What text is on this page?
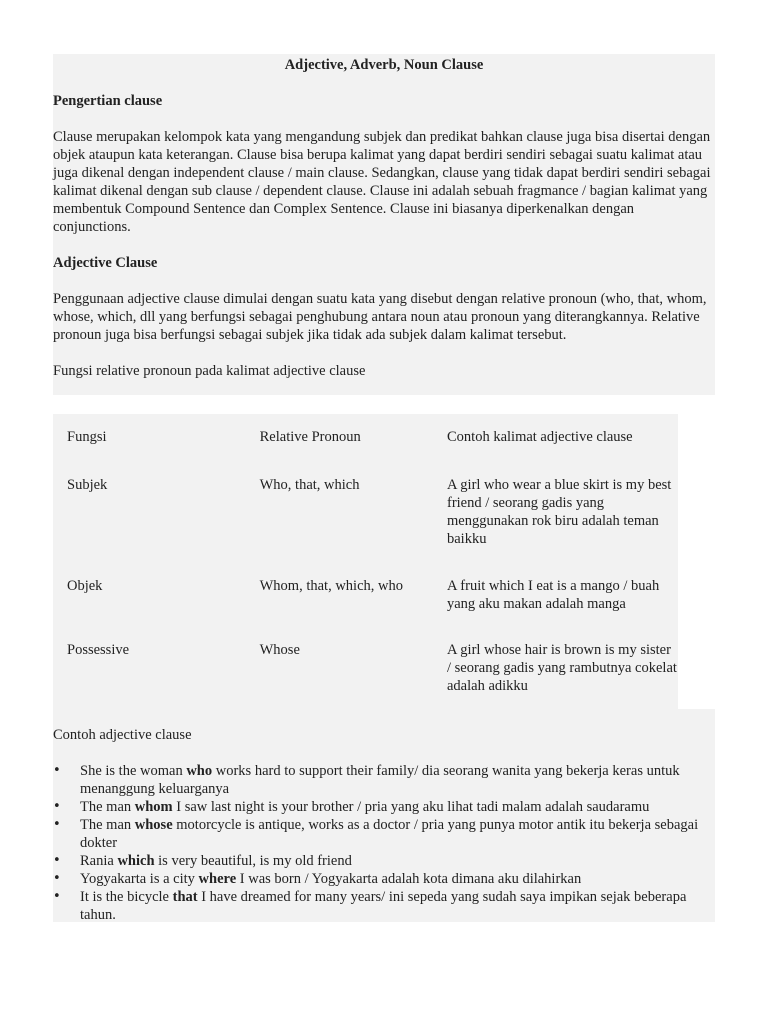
Adjective, Adverb, Noun Clause

Pengertian clause

Clause merupakan kelompok kata yang mengandung subjek dan predikat bahkan clause juga bisa disertai dengan objek ataupun kata keterangan. Clause bisa berupa kalimat yang dapat berdiri sendiri sebagai suatu kalimat atau juga dikenal dengan independent clause / main clause. Sedangkan, clause yang tidak dapat berdiri sendiri sebagai kalimat dikenal dengan sub clause / dependent clause. Clause ini adalah sebuah fragmance / bagian kalimat yang membentuk Compound Sentence dan Complex Sentence. Clause ini biasanya diperkenalkan dengan conjunctions.

Adjective Clause

Penggunaan adjective clause dimulai dengan suatu kata yang disebut dengan relative pronoun (who, that, whom, whose, which, dll yang berfungsi sebagai penghubung antara noun atau pronoun yang diterangkannya. Relative pronoun juga bisa berfungsi sebagai subjek jika tidak ada subjek dalam kalimat tersebut.

Fungsi relative pronoun pada kalimat adjective clause

Fungsi	Relative Pronoun	Contoh kalimat adjective clause
Subjek	Who, that, which	A girl who wear a blue skirt is my best friend / seorang gadis yang menggunakan rok biru adalah teman baikku
Objek	Whom, that, which, who	A fruit which I eat is a mango / buah yang aku makan adalah manga
Possessive	Whose	A girl whose hair is brown is my sister / seorang gadis yang rambutnya cokelat adalah adikku

Contoh adjective clause

• She is the woman who works hard to support their family/ dia seorang wanita yang bekerja keras untuk menanggung keluarganya
• The man whom I saw last night is your brother / pria yang aku lihat tadi malam adalah saudaramu
• The man whose motorcycle is antique, works as a doctor / pria yang punya motor antik itu bekerja sebagai dokter
• Rania which is very beautiful, is my old friend
• Yogyakarta is a city where I was born / Yogyakarta adalah kota dimana aku dilahirkan
• It is the bicycle that I have dreamed for many years/ ini sepeda yang sudah saya impikan sejak beberapa tahun.
